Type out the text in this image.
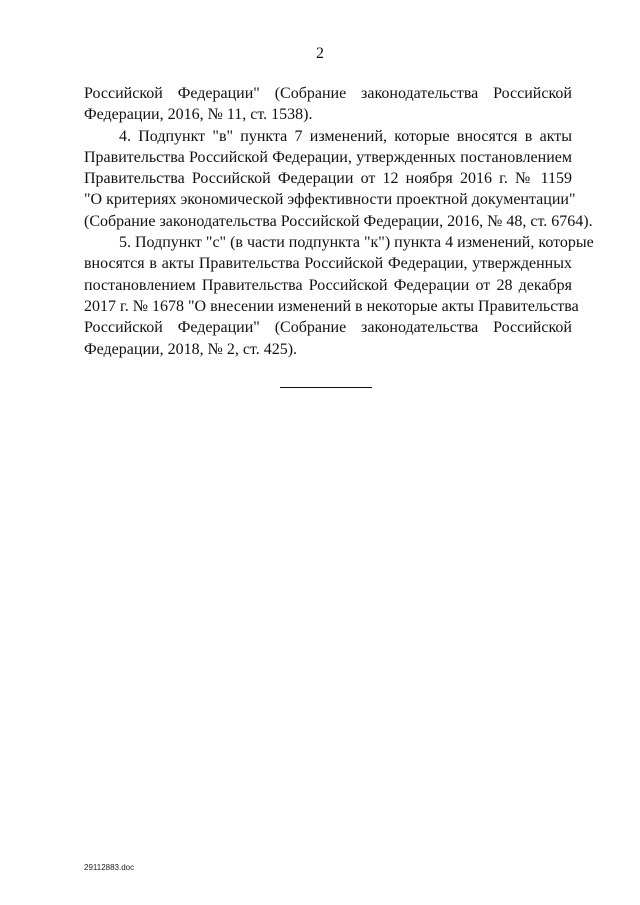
2

Российской Федерации" (Собрание законодательства Российской
Федерации, 2016, № 11, ст. 1538).

4. Подпункт "в" пункта 7 изменений, которые вносятся в акты
Правительства Российской Федерации, утвержденных постановлением
Правительства Российской Федерации от 12 ноября 2016 г. № 1159
"О критериях экономической эффективности проектной документации"
(Собрание законодательства Российской Федерации, 2016, № 48, ст. 6764).

5. Подпункт "с" (в части подпункта "к") пункта 4 изменений, которые
вносятся в акты Правительства Российской Федерации, утвержденных
постановлением Правительства Российской Федерации от 28 декабря
2017 г. № 1678 "О внесении изменений в некоторые акты Правительства
Российской Федерации" (Собрание законодательства Российской
Федерации, 2018, № 2, ст. 425).

29112883.doc
